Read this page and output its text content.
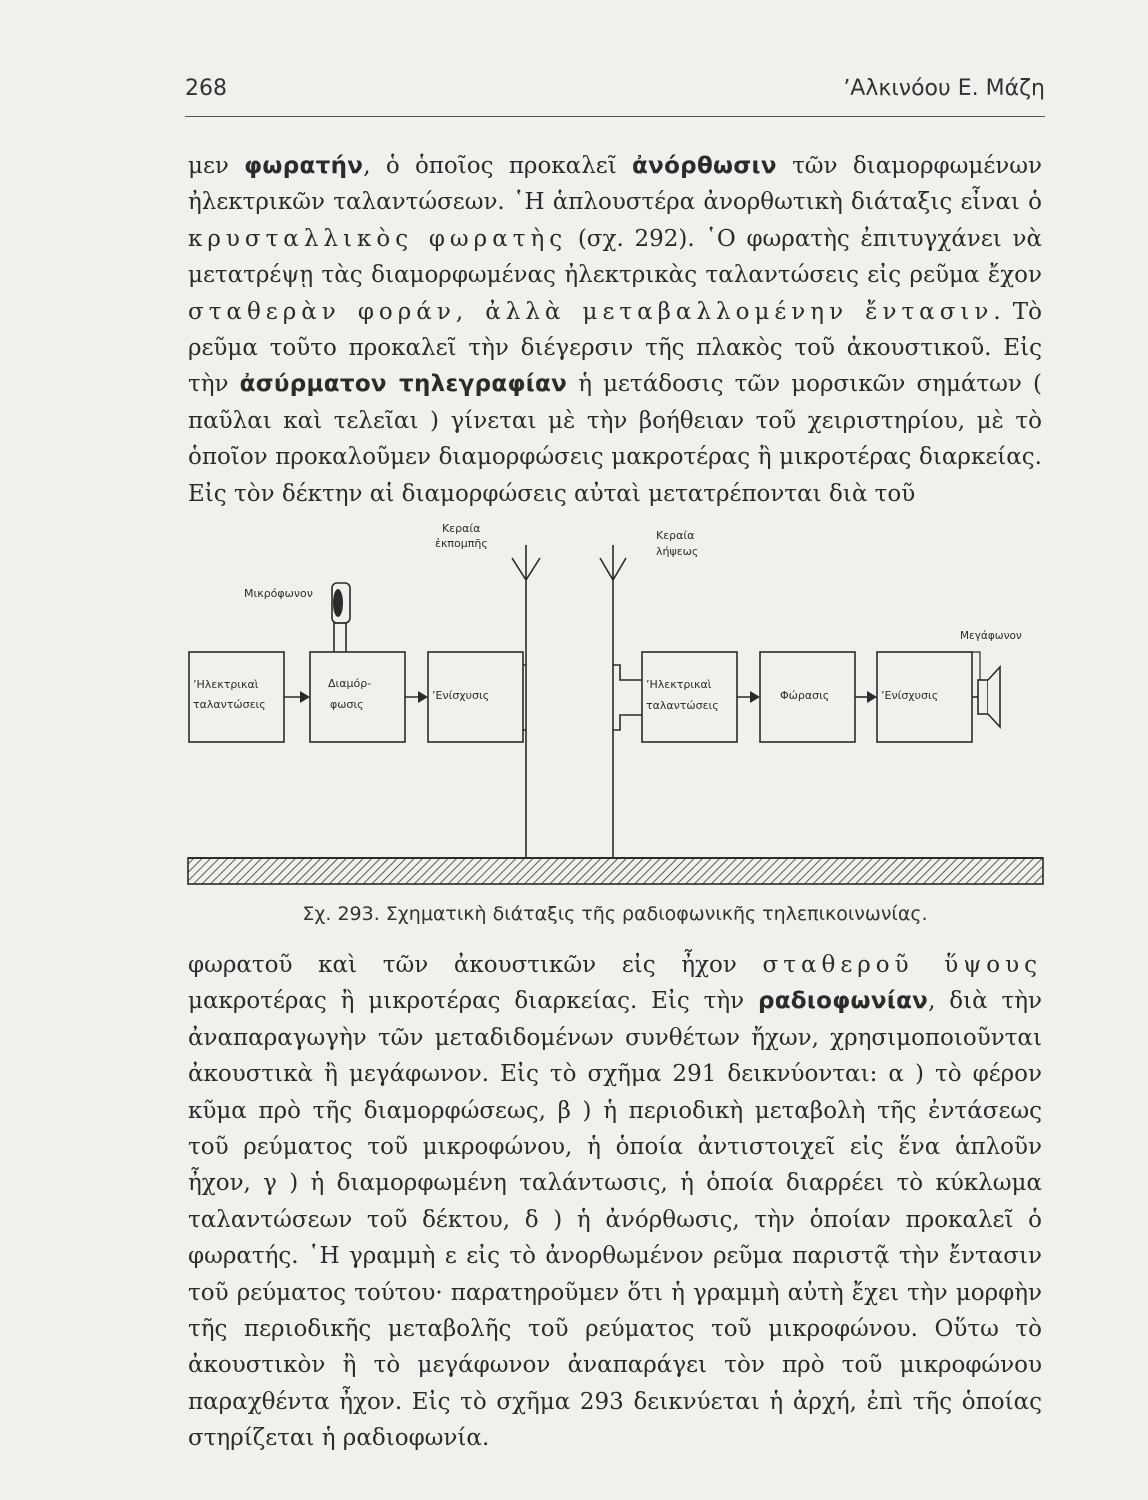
268	ʼΑλκινόου Ε. Μάζη

μεν φωρατήν, ὁ ὁποῖος προκαλεῖ ἀνόρθωσιν τῶν διαμορφωμένων ἠλεκτρικῶν ταλαντώσεων. ῾Η ἁπλουστέρα ἀνορθωτικὴ διάταξις εἶναι ὁ κρυσταλλικὸς φωρατὴς (σχ. 292). ῾Ο φωρατὴς ἐπιτυγχάνει νὰ μετατρέψῃ τὰς διαμορφωμένας ἠλεκτρικὰς ταλαντώσεις εἰς ρεῦμα ἔχον σταθερὰν φοράν, ἀλλὰ μεταβαλλομένην ἔντασιν. Τὸ ρεῦμα τοῦτο προκαλεῖ τὴν διέγερσιν τῆς πλακὸς τοῦ ἀκουστικοῦ. Εἰς τὴν ἀσύρματον τηλεγραφίαν ἡ μετάδοσις τῶν μορσικῶν σημάτων ( παῦλαι καὶ τελεῖαι ) γίνεται μὲ τὴν βοήθειαν τοῦ χειριστηρίου, μὲ τὸ ὁποῖον προκαλοῦμεν διαμορφώσεις μακροτέρας ἢ μικροτέρας διαρκείας. Εἰς τὸν δέκτην αἱ διαμορφώσεις αὐταὶ μετατρέπονται διὰ τοῦ

Κεραία
ἐκπομπῆς
Κεραία
λήψεως
Μικρόφωνον
Μεγάφωνον
ʼΗλεκτρικαὶ
ταλαντώσεις
Διαμόρ-
φωσις
ʼΕνίσχυσις
ʼΗλεκτρικαὶ
ταλαντώσεις
Φώρασις	ʼΕνίσχυσις
Σχ. 293. Σχηματικὴ διάταξις τῆς ραδιοφωνικῆς τηλεπικοινωνίας.

φωρατοῦ καὶ τῶν ἀκουστικῶν εἰς ἦχον σταθεροῦ ὕψους μακροτέρας ἢ μικροτέρας διαρκείας. Εἰς τὴν ραδιοφωνίαν, διὰ τὴν ἀναπαραγωγὴν τῶν μεταδιδομένων συνθέτων ἤχων, χρησιμοποιοῦνται ἀκουστικὰ ἢ μεγάφωνον. Εἰς τὸ σχῆμα 291 δεικνύονται: α ) τὸ φέρον κῦμα πρὸ τῆς διαμορφώσεως, β ) ἡ περιοδικὴ μεταβολὴ τῆς ἐντάσεως τοῦ ρεύματος τοῦ μικροφώνου, ἡ ὁποία ἀντιστοιχεῖ εἰς ἕνα ἁπλοῦν ἦχον, γ ) ἡ διαμορφωμένη ταλάντωσις, ἡ ὁποία διαρρέει τὸ κύκλωμα ταλαντώσεων τοῦ δέκτου, δ ) ἡ ἀνόρθωσις, τὴν ὁποίαν προκαλεῖ ὁ φωρατής. ῾Η γραμμὴ ε εἰς τὸ ἀνορθωμένον ρεῦμα παριστᾷ τὴν ἔντασιν τοῦ ρεύματος τούτου· παρατηροῦμεν ὅτι ἡ γραμμὴ αὐτὴ ἔχει τὴν μορφὴν τῆς περιοδικῆς μεταβολῆς τοῦ ρεύματος τοῦ μικροφώνου. Οὕτω τὸ ἀκουστικὸν ἢ τὸ μεγάφωνον ἀναπαράγει τὸν πρὸ τοῦ μικροφώνου παραχθέντα ἦχον. Εἰς τὸ σχῆμα 293 δεικνύεται ἡ ἀρχή, ἐπὶ τῆς ὁποίας στηρίζεται ἡ ραδιοφωνία.
